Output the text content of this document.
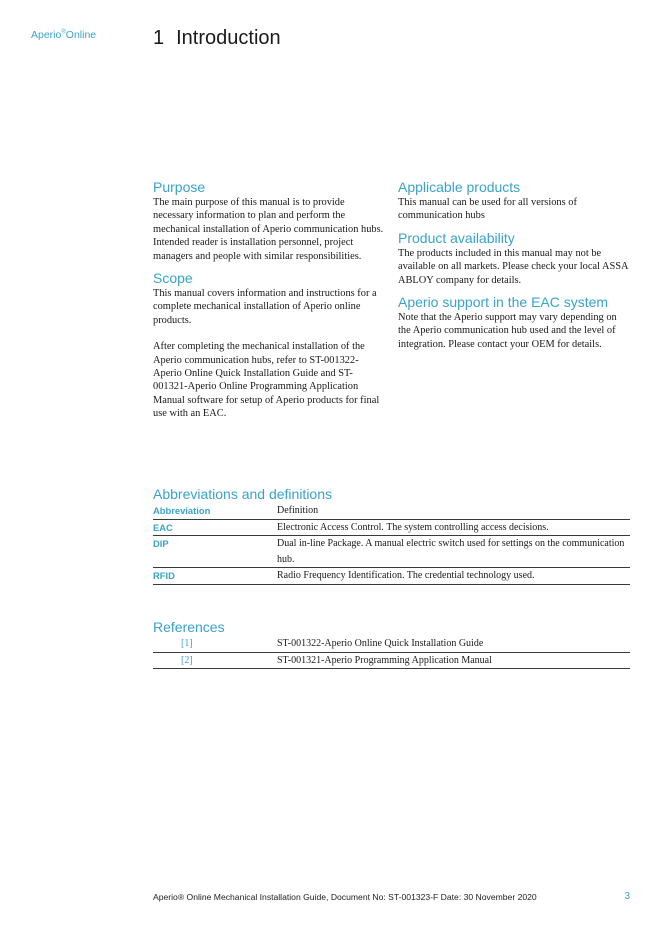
Aperio®Online	1 Introduction
Purpose

The main purpose of this manual is to provide necessary information to plan and perform the mechanical installation of Aperio communication hubs. Intended reader is installation personnel, project managers and people with similar responsibilities.

Scope

This manual covers information and instructions for a complete mechanical installation of Aperio online products.

After completing the mechanical installation of the Aperio communication hubs, refer to ST-001322-Aperio Online Quick Installation Guide and ST-001321-Aperio Online Programming Application Manual software for setup of Aperio products for final use with an EAC.

Applicable products

This manual can be used for all versions of communication hubs

Product availability

The products included in this manual may not be available on all markets. Please check your local ASSA ABLOY company for details.

Aperio support in the EAC system

Note that the Aperio support may vary depending on the Aperio communication hub used and the level of integration. Please contact your OEM for details.

Abbreviations and definitions
Abbreviation	Definition
EAC	Electronic Access Control. The system controlling access decisions.
DIP	Dual in-line Package. A manual electric switch used for settings on the communication hub.
RFID	Radio Frequency Identification. The credential technology used.
References
[1]	ST-001322-Aperio Online Quick Installation Guide
[2]	ST-001321-Aperio Programming Application Manual
Aperio® Online Mechanical Installation Guide, Document No: ST-001323-F Date: 30 November 2020	3
